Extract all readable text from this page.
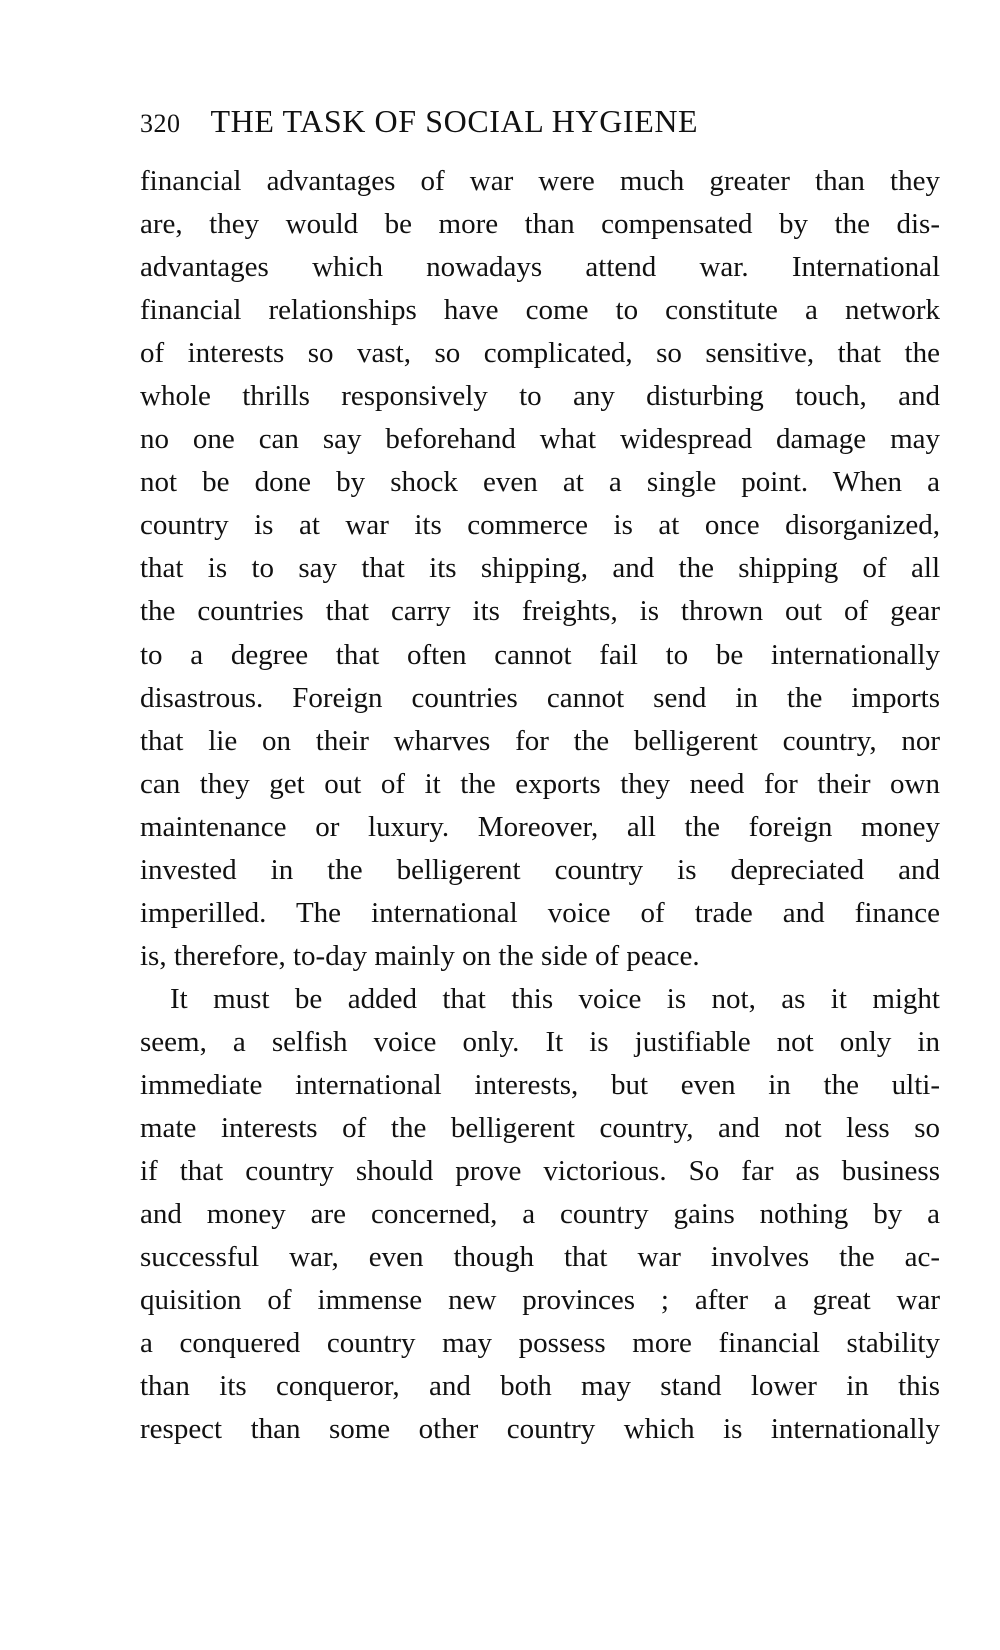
320 THE TASK OF SOCIAL HYGIENE
financial advantages of war were much greater than they
are, they would be more than compensated by the dis-
advantages which nowadays attend war. International
financial relationships have come to constitute a network
of interests so vast, so complicated, so sensitive, that the
whole thrills responsively to any disturbing touch, and
no one can say beforehand what widespread damage may
not be done by shock even at a single point. When a
country is at war its commerce is at once disorganized,
that is to say that its shipping, and the shipping of all
the countries that carry its freights, is thrown out of gear
to a degree that often cannot fail to be internationally
disastrous. Foreign countries cannot send in the imports
that lie on their wharves for the belligerent country, nor
can they get out of it the exports they need for their own
maintenance or luxury. Moreover, all the foreign money
invested in the belligerent country is depreciated and
imperilled. The international voice of trade and finance
is, therefore, to-day mainly on the side of peace.
It must be added that this voice is not, as it might
seem, a selfish voice only. It is justifiable not only in
immediate international interests, but even in the ulti-
mate interests of the belligerent country, and not less so
if that country should prove victorious. So far as business
and money are concerned, a country gains nothing by a
successful war, even though that war involves the ac-
quisition of immense new provinces ; after a great war
a conquered country may possess more financial stability
than its conqueror, and both may stand lower in this
respect than some other country which is internationally
